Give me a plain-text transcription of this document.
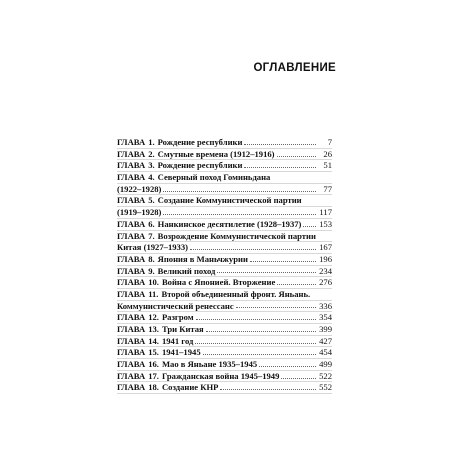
ОГЛАВЛЕНИЕ
ГЛАВА 1. Рождение республики	7
ГЛАВА 2. Смутные времена (1912–1916)	26
ГЛАВА 3. Рождение республики	51
ГЛАВА 4. Северный поход Гоминьдана
(1922–1928)	77
ГЛАВА 5. Создание Коммунистической партии
(1919–1928)	117
ГЛАВА 6. Нанкинское десятилетие (1928–1937) 153
ГЛАВА 7. Возрождение Коммунистической партии
Китая (1927–1933)	167
ГЛАВА 8. Япония в Маньчжурии	196
ГЛАВА 9. Великий поход	234
ГЛАВА 10. Война с Японией. Вторжение	276
ГЛАВА 11. Второй объединенный фронт. Яньань.
Коммунистический ренессанс	336
ГЛАВА 12. Разгром	354
ГЛАВА 13. Три Китая	399
ГЛАВА 14. 1941 год	427
ГЛАВА 15. 1941–1945	454
ГЛАВА 16. Мао в Яньане 1935–1945	499
ГЛАВА 17. Гражданская война 1945–1949	522
ГЛАВА 18. Создание КНР	552
